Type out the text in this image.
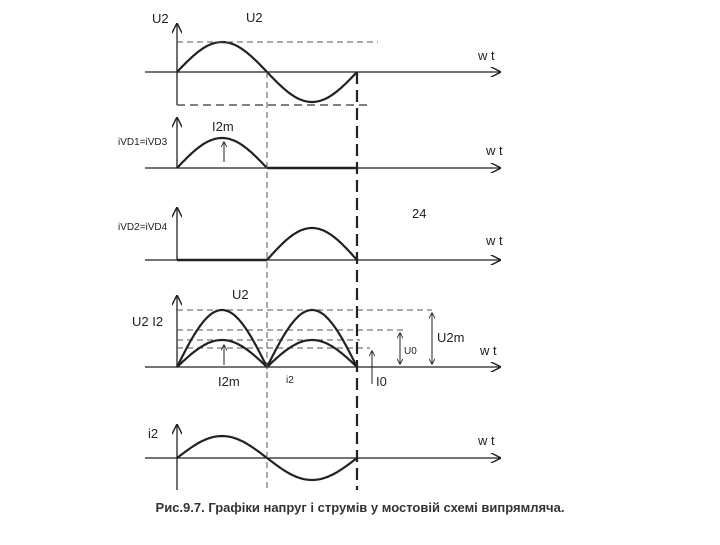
U2	U2
w t
iVD1=iVD3
I2m
w t
iVD2=iVD4
w t
24
U2 I2
U2
I2m	i2
U0
I0
U2m
w t
i2	w t
Рис.9.7. Графіки напруг і струмів у мостовій схемі випрямляча.
